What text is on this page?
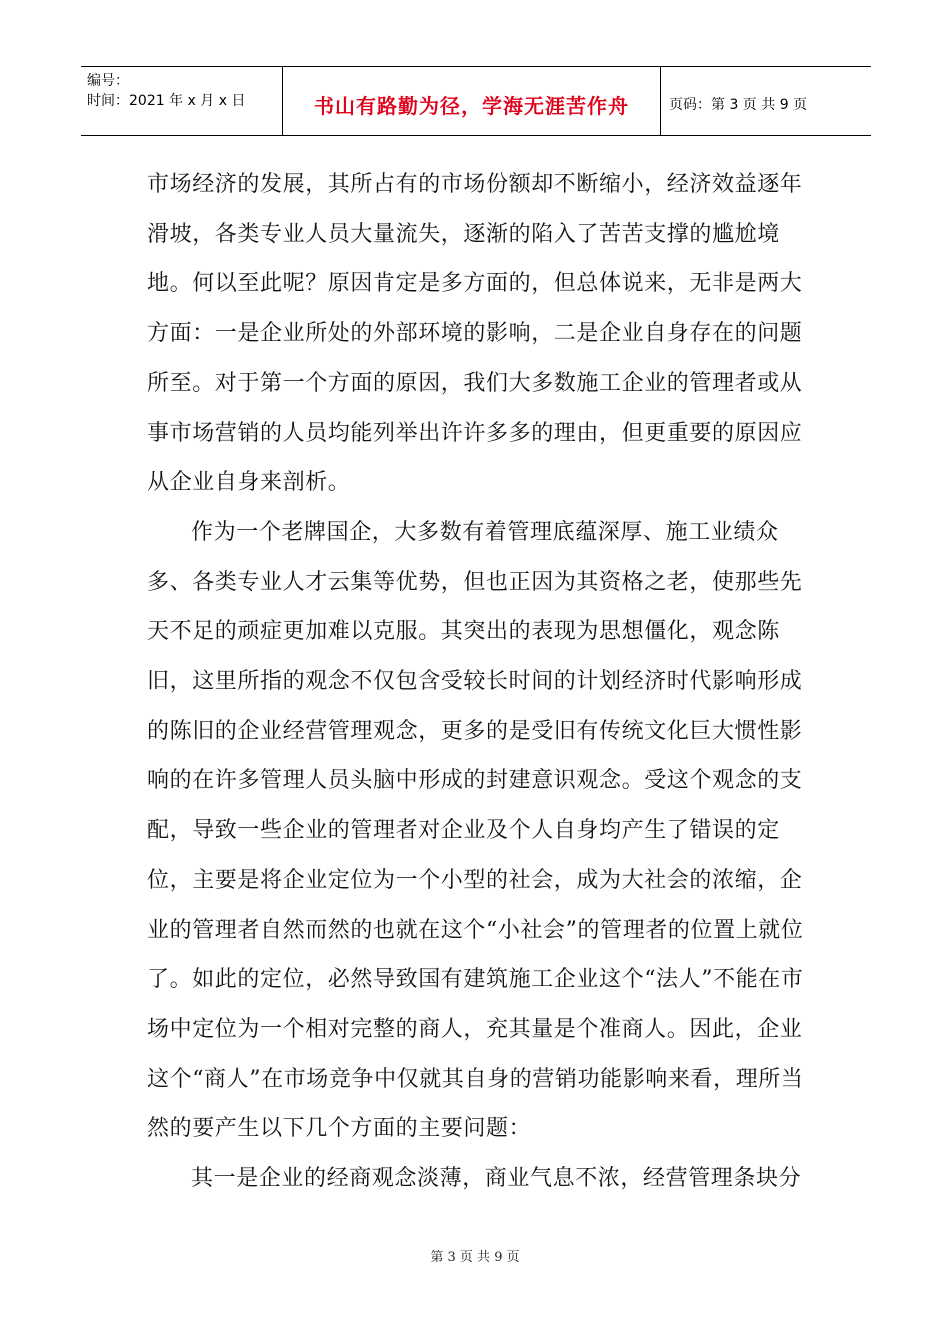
编号：
时间：2021 年 x 月 x 日	书山有路勤为径，学海无涯苦作舟	页码：第 3 页 共 9 页

市场经济的发展，其所占有的市场份额却不断缩小，经济效益逐年滑坡，各类专业人员大量流失，逐渐的陷入了苦苦支撑的尴尬境地。何以至此呢？原因肯定是多方面的，但总体说来，无非是两大方面：一是企业所处的外部环境的影响，二是企业自身存在的问题所至。对于第一个方面的原因，我们大多数施工企业的管理者或从事市场营销的人员均能列举出许许多多的理由，但更重要的原因应从企业自身来剖析。

作为一个老牌国企，大多数有着管理底蕴深厚、施工业绩众多、各类专业人才云集等优势，但也正因为其资格之老，使那些先天不足的顽症更加难以克服。其突出的表现为思想僵化，观念陈旧，这里所指的观念不仅包含受较长时间的计划经济时代影响形成的陈旧的企业经营管理观念，更多的是受旧有传统文化巨大惯性影响的在许多管理人员头脑中形成的封建意识观念。受这个观念的支配，导致一些企业的管理者对企业及个人自身均产生了错误的定位，主要是将企业定位为一个小型的社会，成为大社会的浓缩，企业的管理者自然而然的也就在这个“小社会”的管理者的位置上就位了。如此的定位，必然导致国有建筑施工企业这个“法人”不能在市场中定位为一个相对完整的商人，充其量是个准商人。因此，企业这个“商人”在市场竞争中仅就其自身的营销功能影响来看，理所当然的要产生以下几个方面的主要问题：

其一是企业的经商观念淡薄，商业气息不浓，经营管理条块分

第 3 页 共 9 页
